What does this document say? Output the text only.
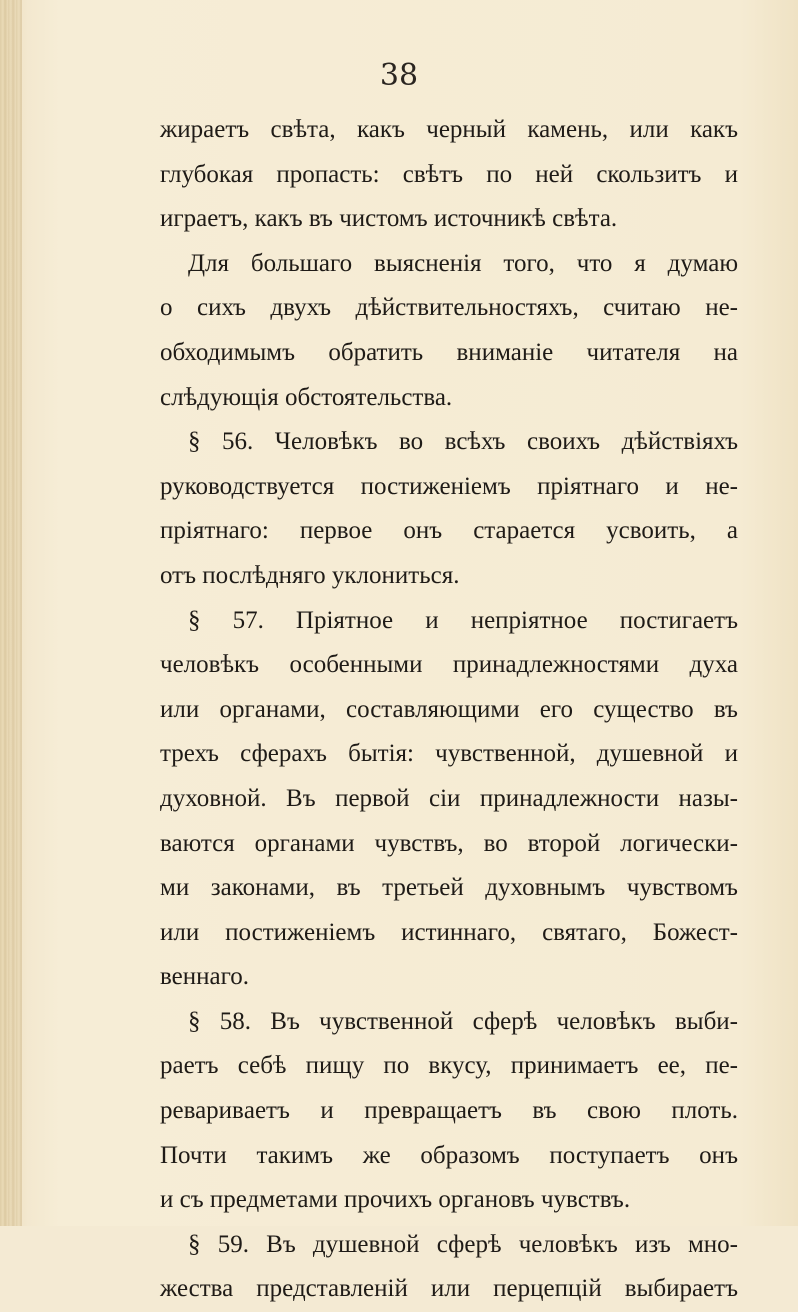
38
жираетъ свѣта, какъ черный камень, или какъ
глубокая пропасть: свѣтъ по ней скользитъ и
играетъ, какъ въ чистомъ источникѣ свѣта.
Для большаго выясненія того, что я думаю
о сихъ двухъ дѣйствительностяхъ, считаю не-
обходимымъ обратить вниманіе читателя на
слѣдующія обстоятельства.
§ 56. Человѣкъ во всѣхъ своихъ дѣйствіяхъ
руководствуется постиженіемъ пріятнаго и не-
пріятнаго: первое онъ старается усвоить, а
отъ послѣдняго уклониться.
§ 57. Пріятное и непріятное постигаетъ
человѣкъ особенными принадлежностями духа
или органами, составляющими его существо въ
трехъ сферахъ бытія: чувственной, душевной и
духовной. Въ первой сіи принадлежности назы-
ваются органами чувствъ, во второй логически-
ми законами, въ третьей духовнымъ чувствомъ
или постиженіемъ истиннаго, святаго, Божест-
веннаго.
§ 58. Въ чувственной сферѣ человѣкъ выби-
раетъ себѣ пищу по вкусу, принимаетъ ее, пе-
реваривaетъ и превращаетъ въ свою плоть.
Почти такимъ же образомъ поступаетъ онъ
и съ предметами прочихъ органовъ чувствъ.
§ 59. Въ душевной сферѣ человѣкъ изъ мно-
жества представленій или перцепцій выбираетъ
